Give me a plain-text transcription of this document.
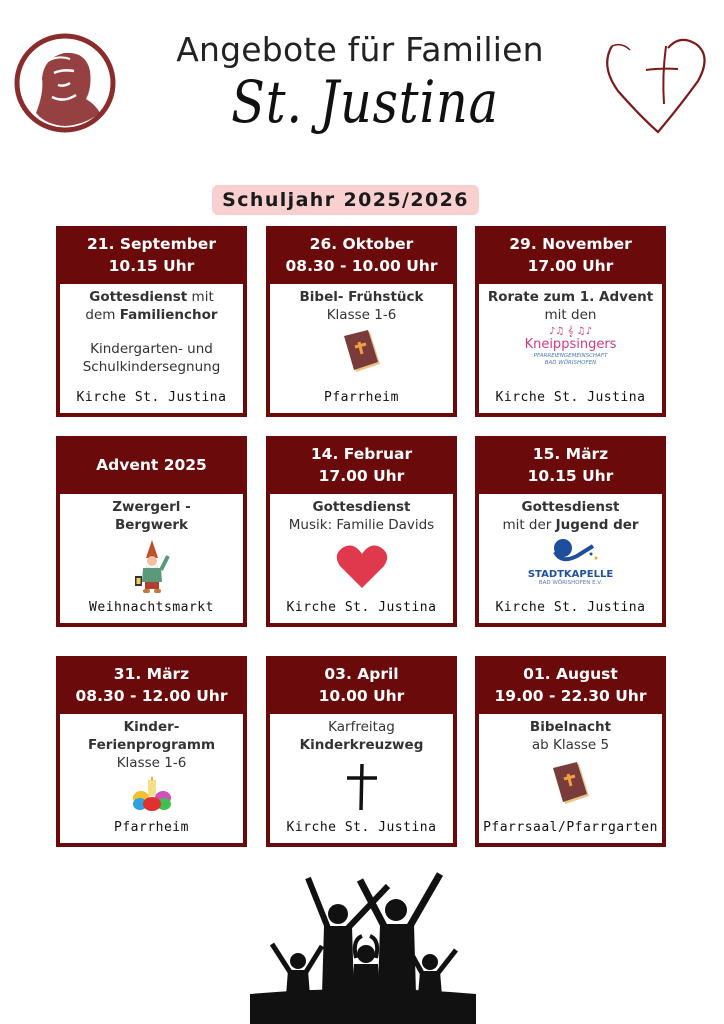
Angebote für Familien
St. Justina
Schuljahr 2025/2026
21. September
10.15 Uhr
Gottesdienst mit
dem Familienchor
Kindergarten- und
Schulkindersegnung
Kirche St. Justina
26. Oktober
08.30 - 10.00 Uhr
Bibel- Frühstück
Klasse 1-6
Pfarrheim
29. November
17.00 Uhr
Rorate zum 1. Advent
mit den
♪♫ 𝄞 ♫♪
Kneippsingers
PFARREIENGEMEINSCHAFT
BAD WÖRISHOFEN
Kirche St. Justina
Advent 2025
Zwergerl -
Bergwerk
Weihnachtsmarkt
14. Februar
17.00 Uhr
Gottesdienst
Musik: Familie Davids
Kirche St. Justina
15. März
10.15 Uhr
Gottesdienst
mit der Jugend der
STADTKAPELLE
BAD WÖRISHOFEN E.V.
Kirche St. Justina
31. März
08.30 - 12.00 Uhr
Kinder-
Ferienprogramm
Klasse 1-6
Pfarrheim
03. April
10.00 Uhr
Karfreitag
Kinderkreuzweg
Kirche St. Justina
01. August
19.00 - 22.30 Uhr
Bibelnacht
ab Klasse 5
Pfarrsaal/Pfarrgarten
